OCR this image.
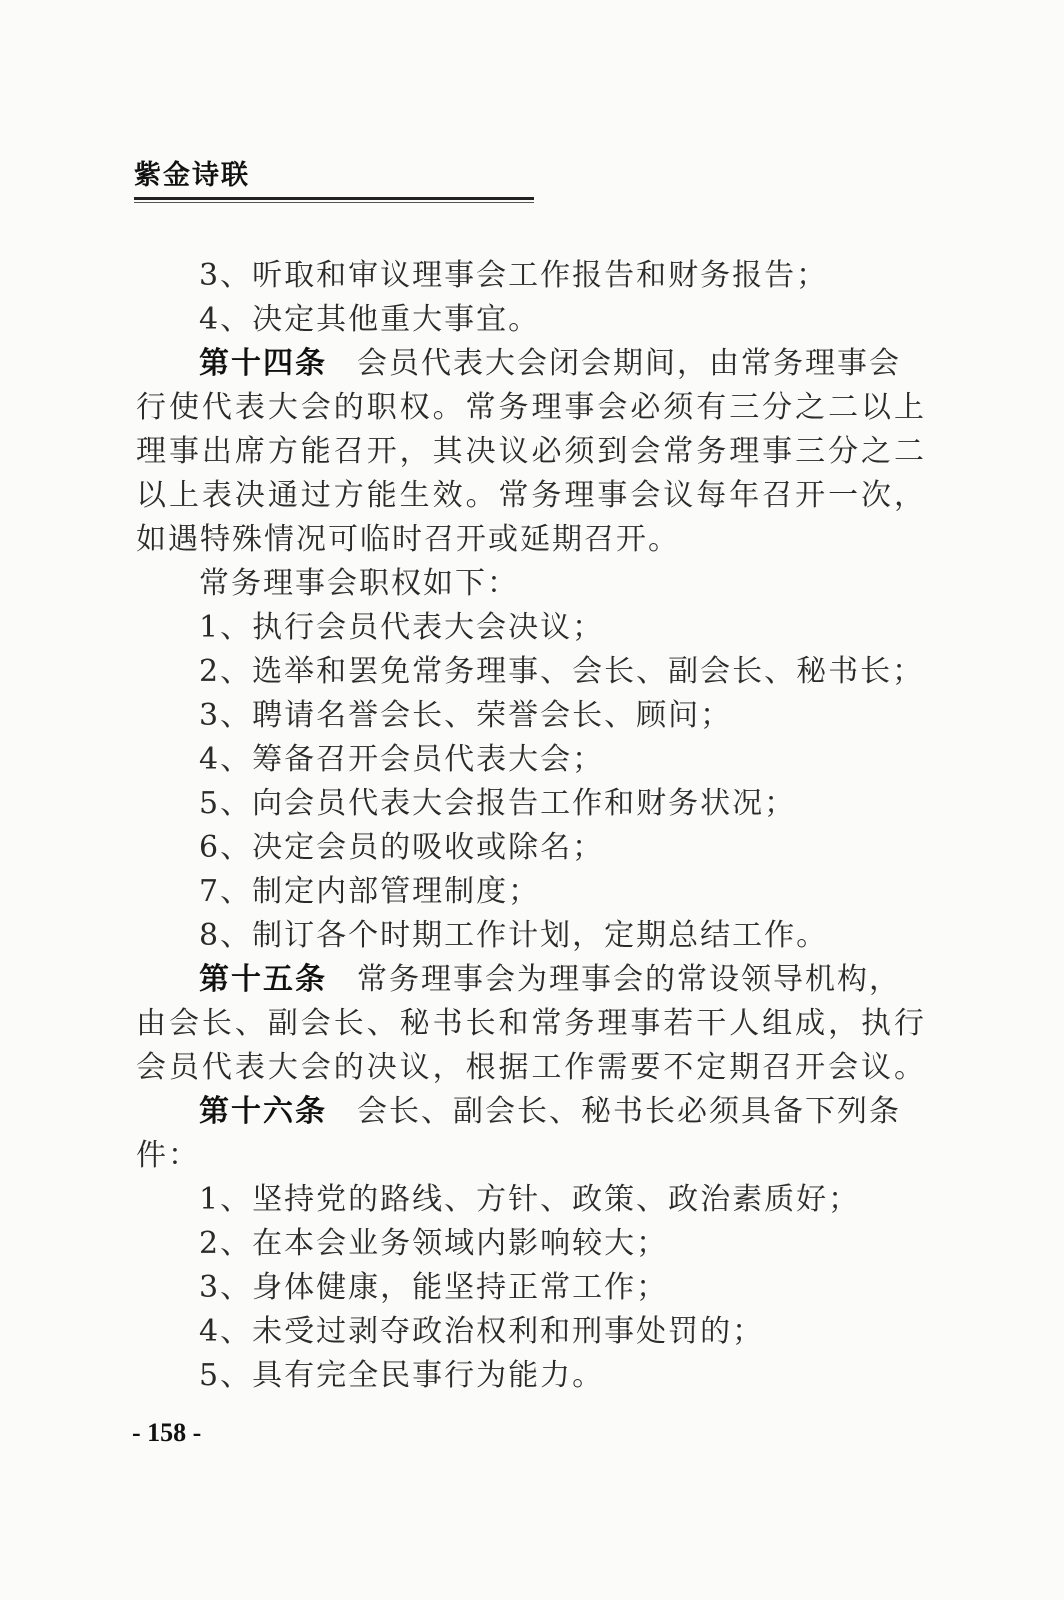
紫金诗联
3、听取和审议理事会工作报告和财务报告；
4、决定其他重大事宜。
第十四条 会员代表大会闭会期间，由常务理事会
行使代表大会的职权。常务理事会必须有三分之二以上
理事出席方能召开，其决议必须到会常务理事三分之二
以上表决通过方能生效。常务理事会议每年召开一次，
如遇特殊情况可临时召开或延期召开。
常务理事会职权如下：
1、执行会员代表大会决议；
2、选举和罢免常务理事、会长、副会长、秘书长；
3、聘请名誉会长、荣誉会长、顾问；
4、筹备召开会员代表大会；
5、向会员代表大会报告工作和财务状况；
6、决定会员的吸收或除名；
7、制定内部管理制度；
8、制订各个时期工作计划，定期总结工作。
第十五条 常务理事会为理事会的常设领导机构，
由会长、副会长、秘书长和常务理事若干人组成，执行
会员代表大会的决议，根据工作需要不定期召开会议。
第十六条 会长、副会长、秘书长必须具备下列条
件：
1、坚持党的路线、方针、政策、政治素质好；
2、在本会业务领域内影响较大；
3、身体健康，能坚持正常工作；
4、未受过剥夺政治权利和刑事处罚的；
5、具有完全民事行为能力。
- 158 -
